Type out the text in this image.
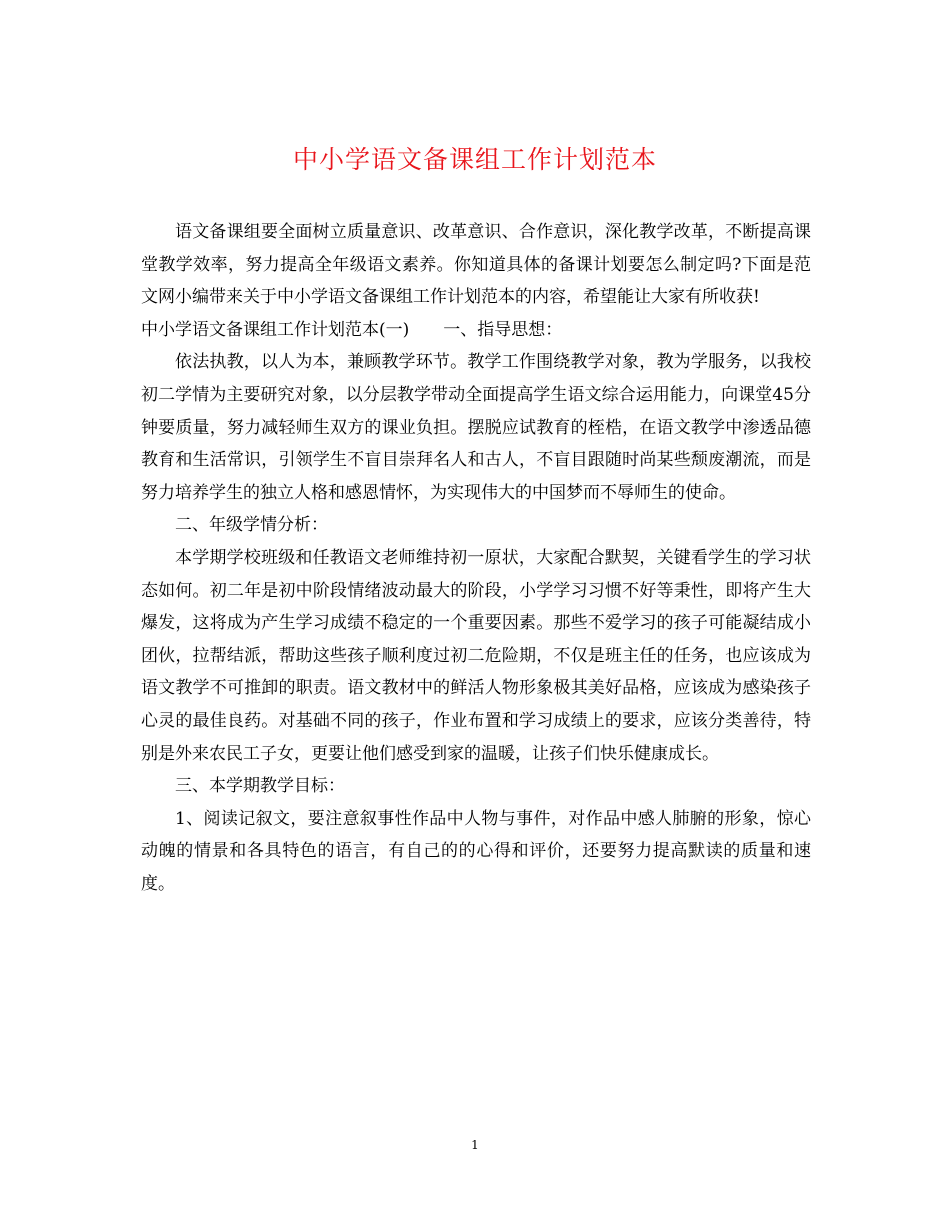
中小学语文备课组工作计划范本

语文备课组要全面树立质量意识、改革意识、合作意识，深化教学改革，不断提高课堂教学效率，努力提高全年级语文素养。你知道具体的备课计划要怎么制定吗?下面是范文网小编带来关于中小学语文备课组工作计划范本的内容，希望能让大家有所收获!

中小学语文备课组工作计划范本(一)　　一、指导思想：

依法执教，以人为本，兼顾教学环节。教学工作围绕教学对象，教为学服务，以我校初二学情为主要研究对象，以分层教学带动全面提高学生语文综合运用能力，向课堂45分钟要质量，努力减轻师生双方的课业负担。摆脱应试教育的桎梏，在语文教学中渗透品德教育和生活常识，引领学生不盲目崇拜名人和古人，不盲目跟随时尚某些颓废潮流，而是努力培养学生的独立人格和感恩情怀，为实现伟大的中国梦而不辱师生的使命。

二、年级学情分析：

本学期学校班级和任教语文老师维持初一原状，大家配合默契，关键看学生的学习状态如何。初二年是初中阶段情绪波动最大的阶段，小学学习习惯不好等秉性，即将产生大爆发，这将成为产生学习成绩不稳定的一个重要因素。那些不爱学习的孩子可能凝结成小团伙，拉帮结派，帮助这些孩子顺利度过初二危险期，不仅是班主任的任务，也应该成为语文教学不可推卸的职责。语文教材中的鲜活人物形象极其美好品格，应该成为感染孩子心灵的最佳良药。对基础不同的孩子，作业布置和学习成绩上的要求，应该分类善待，特别是外来农民工子女，更要让他们感受到家的温暖，让孩子们快乐健康成长。

三、本学期教学目标：

1、阅读记叙文，要注意叙事性作品中人物与事件，对作品中感人肺腑的形象，惊心动魄的情景和各具特色的语言，有自己的的心得和评价，还要努力提高默读的质量和速度。

1
